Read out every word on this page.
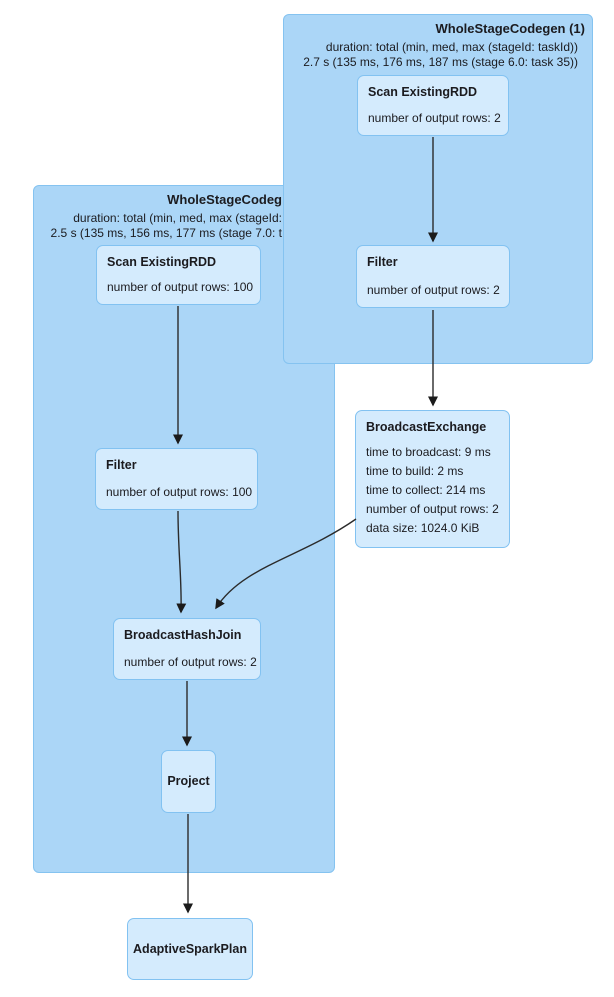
WholeStageCodeg
duration: total (min, med, max (stageId:
2.5 s (135 ms, 156 ms, 177 ms (stage 7.0: t
WholeStageCodegen (1)
duration: total (min, med, max (stageId: taskId))
2.7 s (135 ms, 176 ms, 187 ms (stage 6.0: task 35))
Scan ExistingRDD
number of output rows: 2
Filter
number of output rows: 2
Scan ExistingRDD
number of output rows: 100
Filter
number of output rows: 100
BroadcastExchange
time to broadcast: 9 ms
time to build: 2 ms
time to collect: 214 ms
number of output rows: 2
data size: 1024.0 KiB
BroadcastHashJoin
number of output rows: 2
Project
AdaptiveSparkPlan
